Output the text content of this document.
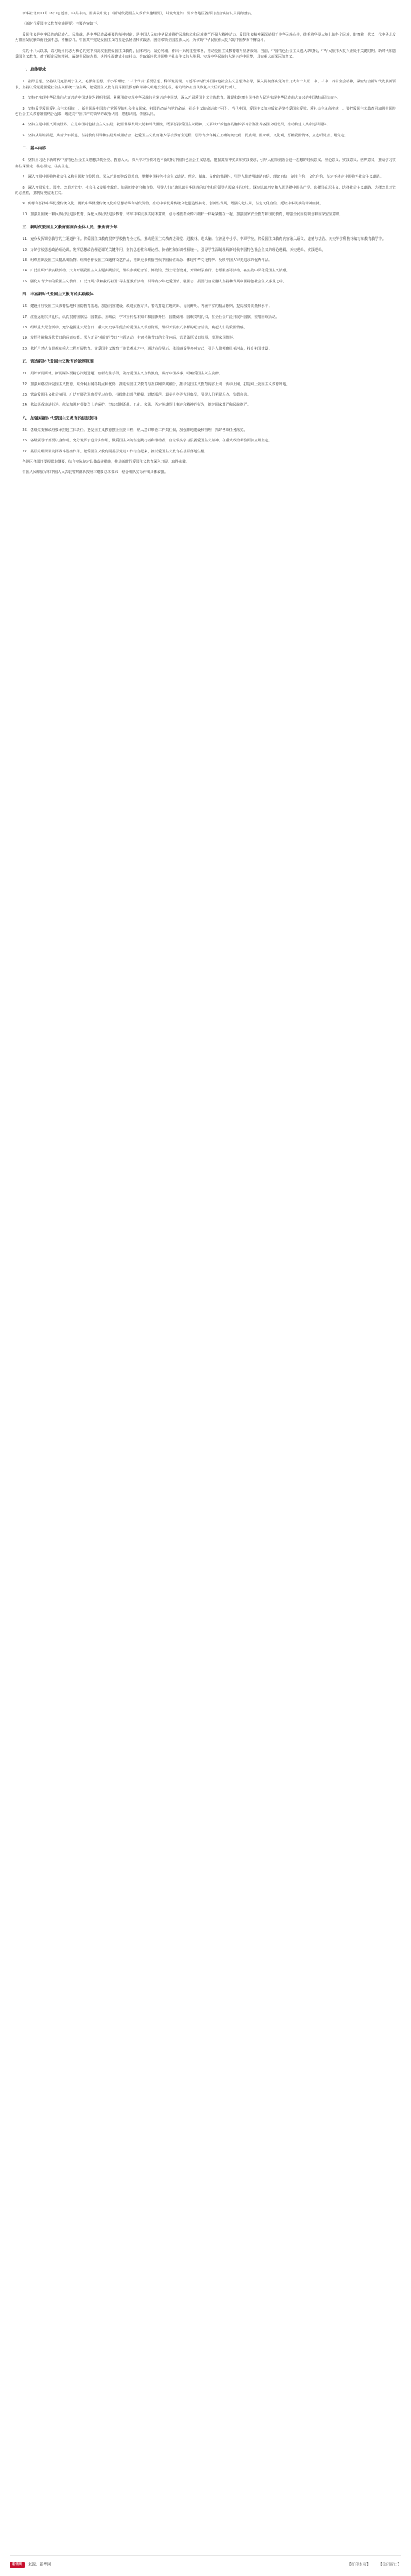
新华社北京11月18日电 近日，中共中央、国务院印发了《新时代爱国主义教育实施纲要》，并发出通知，要求各地区各部门结合实际认真贯彻落实。

《新时代爱国主义教育实施纲要》主要内容如下。

爱国主义是中华民族的民族心、民族魂，是中华民族最重要的精神财富，是中国人民和中华民族维护民族独立和民族尊严的强大精神动力。爱国主义精神深深植根于中华民族心中，维系着华夏大地上的各个民族，鼓舞着一代又一代中华儿女为祖国发展繁荣而自强不息、不懈奋斗。中国共产党是爱国主义的坚定弘扬者和实践者，团结带领全国各族人民，为实现中华民族伟大复兴的中国梦而不懈奋斗。

党的十八大以来，以习近平同志为核心的党中央高度重视爱国主义教育，固本培元、凝心铸魂，作出一系列重要部署，推动爱国主义教育取得显著成效。当前，中国特色社会主义进入新时代，中华民族伟大复兴正处于关键时期。新时代加强爱国主义教育，对于振奋民族精神、凝聚全民族力量，决胜全面建成小康社会、夺取新时代中国特色社会主义伟大胜利、实现中华民族伟大复兴的中国梦，具有重大而深远的意义。

一、总体要求

1．指导思想。坚持以马克思列宁主义、毛泽东思想、邓小平理论、“三个代表”重要思想、科学发展观、习近平新时代中国特色社会主义思想为指导，深入贯彻落实党的十九大和十九届二中、三中、四中全会精神，紧密结合新时代发展新要求，坚持以爱党爱国爱社会主义相统一为主线，把爱国主义教育贯穿国民教育和精神文明建设全过程，着力培养担当民族复兴大任的时代新人。

2．坚持把实现中华民族伟大复兴的中国梦作为鲜明主题。紧紧围绕实现中华民族伟大复兴的中国梦，深入开展爱国主义宣传教育，激励和鼓舞全国各族人民为实现中华民族伟大复兴的中国梦而团结奋斗。

3．坚持爱党爱国爱社会主义相统一。新中国是中国共产党领导的社会主义国家，祖国的命运与党的命运、社会主义的命运密不可分。当代中国，爱国主义的本质就是坚持爱国和爱党、爱社会主义高度统一。要把爱国主义教育同加强中国特色社会主义教育紧密结合起来，增进对中国共产党领导的政治认同、思想认同、情感认同。

4．坚持立足中国又面向世界。立足中国特色社会主义实践，把握世界发展大势和时代潮流，既要弘扬爱国主义精神，又要以开放包容的胸怀学习借鉴世界各国文明成果，推动构建人类命运共同体。

5．坚持从娃娃抓起、从青少年抓起。坚持教育引导和实践养成相结合，把爱国主义教育融入学校教育全过程，引导青少年树立正确的历史观、民族观、国家观、文化观，厚植爱国情怀，立志听党话、跟党走。

二、基本内容

6．坚持用习近平新时代中国特色社会主义思想武装全党、教育人民。深入学习宣传习近平新时代中国特色社会主义思想，把握其精神实质和实践要求，引导人们深刻领会这一思想的时代意义、理论意义、实践意义、世界意义，推动学习贯彻往深里走、往心里走、往实里走。

7．深入开展中国特色社会主义和中国梦宣传教育。深入开展形势政策教育，阐释中国特色社会主义道路、理论、制度、文化的优越性，引导人们增强道路自信、理论自信、制度自信、文化自信，坚定不移走中国特色社会主义道路。

8．深入开展党史、国史、改革开放史、社会主义发展史教育。加强历史研究和宣传，引导人们正确认识中华民族的历史和党领导人民奋斗的历史，深刻认识历史和人民选择中国共产党、选择马克思主义、选择社会主义道路、选择改革开放的必然性，抵制历史虚无主义。

9．传承和弘扬中华优秀传统文化。阐发中华优秀传统文化的思想精华和时代价值，推动中华优秀传统文化创造性转化、创新性发展，增强文化认同，坚定文化自信，延续中华民族的精神血脉。

10．加强祖国统一和民族团结进步教育。深化民族团结进步教育，铸牢中华民族共同体意识，引导各族群众像石榴籽一样紧紧抱在一起。加强国家安全教育和国防教育，增强全民国防观念和国家安全意识。

三、新时代爱国主义教育要面向全体人民、聚焦青少年

11．充分发挥课堂教学的主渠道作用。将爱国主义教育贯穿学校教育全过程，推动爱国主义教育进课堂、进教材、进头脑。在普通中小学、中职学校，将爱国主义教育内容融入语文、道德与法治、历史等学科教材编写和教育教学中。

12．办好学校思想政治理论课。发挥思想政治理论课的关键作用，坚持思想性和理论性、价值性和知识性相统一，引导学生深刻理解新时代中国特色社会主义的理论逻辑、历史逻辑、实践逻辑。

13．组织推出爱国主义精品出版物。组织创作爱国主义题材文艺作品，推出更多传播当代中国价值观念、体现中华文化精神、反映中国人审美追求的优秀作品。

14．广泛组织开展实践活动。大力开展爱国主义主题实践活动，组织参观纪念馆、博物馆、烈士纪念设施，开展研学旅行、志愿服务等活动，在实践中深化爱国主义情感。

15．强化对青少年的爱国主义教育。广泛开展“我和我的祖国”等主题教育活动，引导青少年把爱国情、强国志、报国行自觉融入坚持和发展中国特色社会主义事业之中。

四、丰富新时代爱国主义教育的实践载体

16．建设用好爱国主义教育基地和国防教育基地。加强内容建设，改进展陈方式，着力打造主题突出、导向鲜明、内涵丰富的精品陈列，提高服务质量和水平。

17．注重运用仪式礼仪。认真贯彻国旗法、国徽法、国歌法，学习宣传基本知识和国旗升挂、国徽使用、国歌奏唱礼仪，在全社会广泛开展升国旗、奏唱国歌活动。

18．组织重大纪念活动。充分挖掘重大纪念日、重大历史事件蕴含的爱国主义教育资源，组织开展形式多样的纪念活动，唤起人们的爱国情感。

19．发挥传统和现代节日的涵育功能。深入开展“我们的节日”主题活动，丰富传统节日的文化内涵，营造浓厚节日氛围，增进家国情怀。

20．依托自然人文景观和重大工程开展教育。寓爱国主义教育于游览观光之中，通过宣传展示、体验感受等多种方式，引导人们领略壮美河山，投身祖国建设。

五、营造新时代爱国主义教育的浓厚氛围

21．用好新闻媒体。新闻媒体要精心策划选题、创新方法手段，做好爱国主义宣传教育，讲好中国故事，唱响爱国主义主旋律。

22．加强网络空间爱国主义教育。充分利用网络特点和优势，推进爱国主义教育与互联网深度融合，推动爱国主义教育内容上网、活动上网，打造网上爱国主义教育阵地。

23．营造爱国主义社会氛围。广泛开展先进典型学习宣传，持续推出时代楷模、道德模范、最美人物等先进典型，引导人们见贤思齐、崇德向善。

24．依法惩戒违法行为。依法加强对英雄烈士的保护，坚决抵制歪曲、丑化、亵渎、否定英雄烈士事迹和精神的行为，维护国家尊严和民族尊严。

六、加强对新时代爱国主义教育的组织领导

25．各级党委和政府要承担起主体责任。把爱国主义教育摆上重要日程，纳入意识形态工作责任制，加强阵地建设和管理，抓好各项任务落实。

26．各级领导干部要以身作则。充分发挥示范带头作用，做爱国主义的坚定践行者和推动者，自觉带头学习弘扬爱国主义精神，在重大政治考验面前立场坚定。

27．基层党组织要发挥战斗堡垒作用。把爱国主义教育同基层党建工作结合起来，推动爱国主义教育在基层落地生根。

各地区各部门要根据本纲要，结合实际制定具体落实措施，推动新时代爱国主义教育深入开展、取得实效。

中国人民解放军和中国人民武装警察部队按照本纲要总体要求，结合部队实际作出具体安排。

新华网 来源：新华网	【打印本页】 【关闭窗口】
